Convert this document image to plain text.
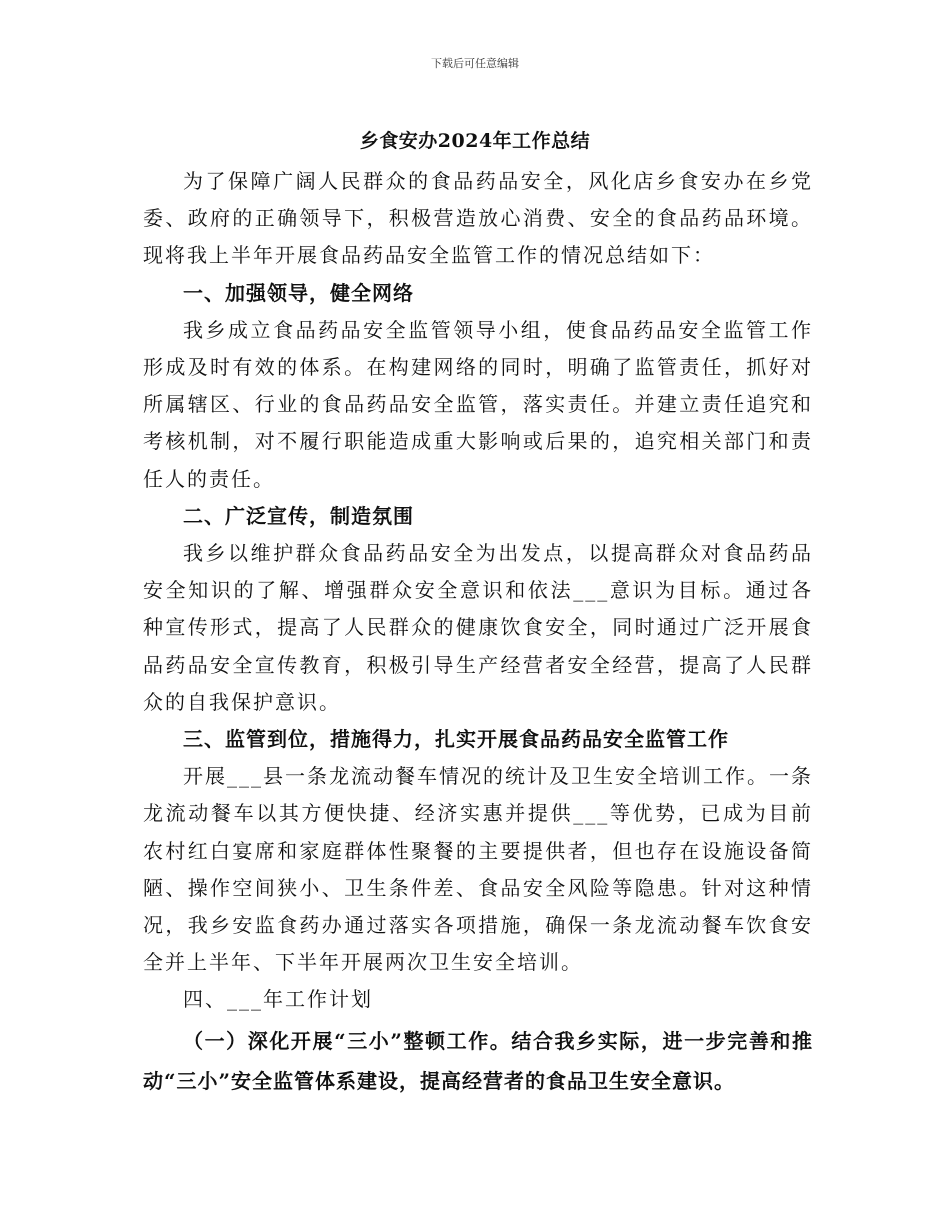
下载后可任意编辑
乡食安办2024年工作总结

为了保障广阔人民群众的食品药品安全，风化店乡食安办在乡党委、政府的正确领导下，积极营造放心消费、安全的食品药品环境。现将我上半年开展食品药品安全监管工作的情况总结如下：

一、加强领导，健全网络

我乡成立食品药品安全监管领导小组，使食品药品安全监管工作形成及时有效的体系。在构建网络的同时，明确了监管责任，抓好对所属辖区、行业的食品药品安全监管，落实责任。并建立责任追究和考核机制，对不履行职能造成重大影响或后果的，追究相关部门和责任人的责任。

二、广泛宣传，制造氛围

我乡以维护群众食品药品安全为出发点，以提高群众对食品药品安全知识的了解、增强群众安全意识和依法___意识为目标。通过各种宣传形式，提高了人民群众的健康饮食安全，同时通过广泛开展食品药品安全宣传教育，积极引导生产经营者安全经营，提高了人民群众的自我保护意识。

三、监管到位，措施得力，扎实开展食品药品安全监管工作

开展___县一条龙流动餐车情况的统计及卫生安全培训工作。一条龙流动餐车以其方便快捷、经济实惠并提供___等优势，已成为目前农村红白宴席和家庭群体性聚餐的主要提供者，但也存在设施设备简陋、操作空间狭小、卫生条件差、食品安全风险等隐患。针对这种情况，我乡安监食药办通过落实各项措施，确保一条龙流动餐车饮食安全并上半年、下半年开展两次卫生安全培训。

四、___年工作计划

（一）深化开展“三小”整顿工作。结合我乡实际，进一步完善和推动“三小”安全监管体系建设，提高经营者的食品卫生安全意识。
